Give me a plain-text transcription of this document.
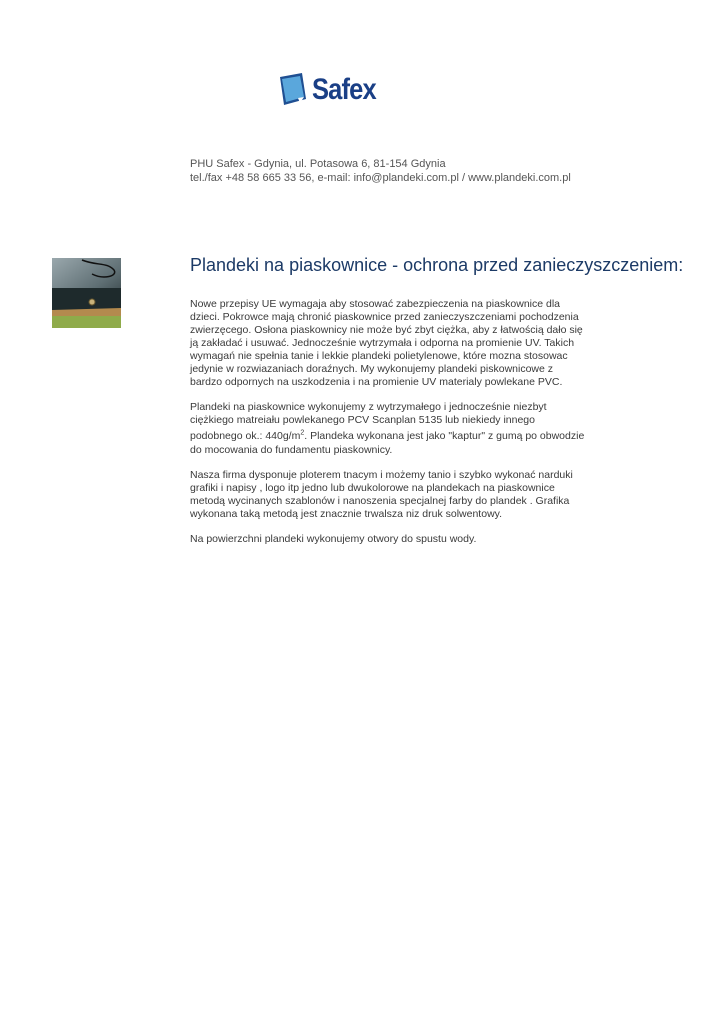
Safex
PHU Safex - Gdynia, ul. Potasowa 6, 81-154 Gdynia
tel./fax +48 58 665 33 56, e-mail: info@plandeki.com.pl / www.plandeki.com.pl
Plandeki na piaskownice - ochrona przed zanieczyszczeniem:
Nowe przepisy UE wymagaja aby stosować zabezpieczenia na piaskownice dla
dzieci. Pokrowce mają chronić piaskownice przed zanieczyszczeniami pochodzenia
zwierzęcego. Osłona piaskownicy nie może być zbyt ciężka, aby z łatwością dało się
ją zakładać i usuwać. Jednocześnie wytrzymała i odporna na promienie UV. Takich
wymagań nie spełnia tanie i lekkie plandeki polietylenowe, które mozna stosowac
jedynie w rozwiazaniach doraźnych. My wykonujemy plandeki piskownicowe z
bardzo odpornych na uszkodzenia i na promienie UV materialy powlekane PVC.
Plandeki na piaskownice wykonujemy z wytrzymałego i jednocześnie niezbyt
ciężkiego matreiału powlekanego PCV Scanplan 5135 lub niekiedy innego
podobnego ok.: $440g/m^2$. Plandeka wykonana jest jako "kaptur" z gumą po obwodzie
do mocowania do fundamentu piaskownicy.
Nasza firma dysponuje ploterem tnacym i możemy tanio i szybko wykonać narduki
grafiki i napisy , logo itp jedno lub dwukolorowe na plandekach na piaskownice
metodą wycinanych szablonów i nanoszenia specjalnej farby do plandek . Grafika
wykonana taką metodą jest znacznie trwalsza niz druk solwentowy.
Na powierzchni plandeki wykonujemy otwory do spustu wody.
